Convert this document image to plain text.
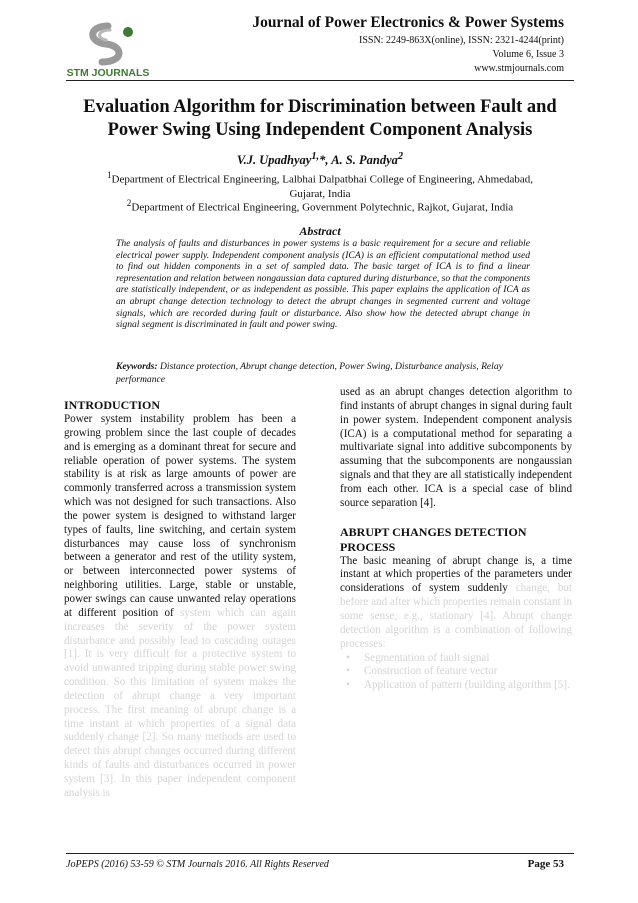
STM JOURNALS
Journal of Power Electronics & Power Systems
ISSN: 2249-863X(online), ISSN: 2321-4244(print)
Volume 6, Issue 3
www.stmjournals.com
Evaluation Algorithm for Discrimination between Fault and Power Swing Using Independent Component Analysis
V.J. Upadhyay$^{1,}$*, A. S. Pandya$^2$
$^1$Department of Electrical Engineering, Lalbhai Dalpatbhai College of Engineering, Ahmedabad, Gujarat, India
$^2$Department of Electrical Engineering, Government Polytechnic, Rajkot, Gujarat, India
Abstract
The analysis of faults and disturbances in power systems is a basic requirement for a secure and reliable electrical power supply. Independent component analysis (ICA) is an efficient computational method used to find out hidden components in a set of sampled data. The basic target of ICA is to find a linear representation and relation between nongaussian data captured during disturbance, so that the components are statistically independent, or as independent as possible. This paper explains the application of ICA as an abrupt change detection technology to detect the abrupt changes in segmented current and voltage signals, which are recorded during fault or disturbance. Also show how the detected abrupt change in signal segment is discriminated in fault and power swing.
Keywords: Distance protection, Abrupt change detection, Power Swing, Disturbance analysis, Relay performance
INTRODUCTION

Power system instability problem has been a growing problem since the last couple of decades and is emerging as a dominant threat for secure and reliable operation of power systems. The system stability is at risk as large amounts of power are commonly transferred across a transmission system which was not designed for such transactions. Also the power system is designed to withstand larger types of faults, line switching, and certain system disturbances may cause loss of synchronism between a generator and rest of the utility system, or between interconnected power systems of neighboring utilities. Large, stable or unstable, power swings can cause unwanted relay operations at different position of system which can again increases the severity of the power system disturbance and possibly lead to cascading outages [1]. It is very difficult for a protective system to avoid unwanted tripping during stable power swing condition. So this limitation of system makes the detection of abrupt change a very important process. The first meaning of abrupt change is a time instant at which properties of a signal data suddenly change [2]. So many methods are used to detect this abrupt changes occurred during different kinds of faults and disturbances occurred in power system [3]. In this paper independent component analysis is

used as an abrupt changes detection algorithm to find instants of abrupt changes in signal during fault in power system. Independent component analysis (ICA) is a computational method for separating a multivariate signal into additive subcomponents by assuming that the subcomponents are nongaussian signals and that they are all statistically independent from each other. ICA is a special case of blind source separation [4].

ABRUPT CHANGES DETECTION PROCESS

The basic meaning of abrupt change is, a time instant at which properties of the parameters under considerations of system suddenly change, but before and after which properties remain constant in some sense, e.g., stationary [4]. Abrupt change detection algorithm is a combination of following processes:

• Segmentation of fault signal
• Construction of feature vector
• Application of pattern (building algorithm [5].
JoPEPS (2016) 53-59 © STM Journals 2016. All Rights Reserved	Page 53
